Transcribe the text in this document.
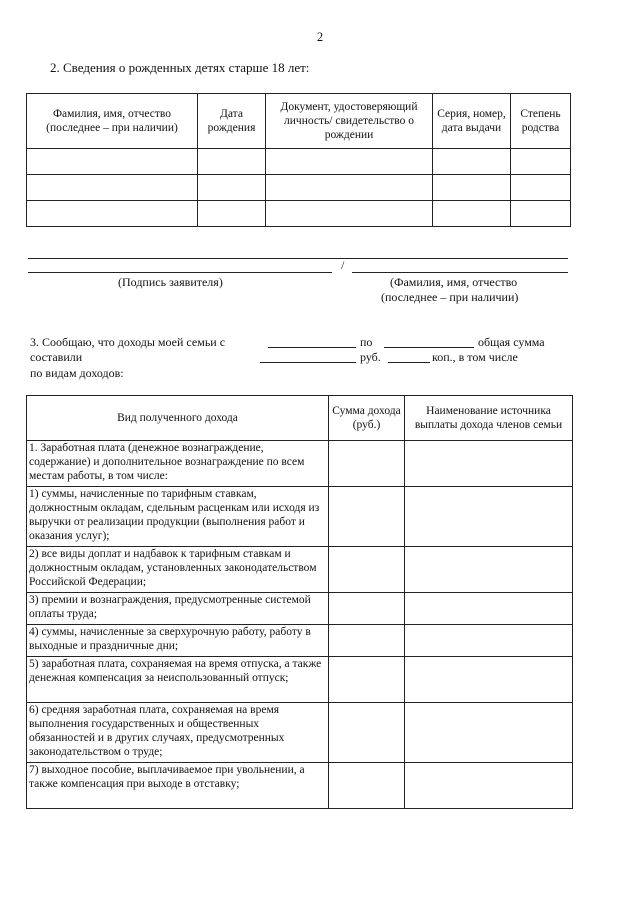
2
2. Сведения о рожденных детях старше 18 лет:
Фамилия, имя, отчество (последнее – при наличии)	Дата рождения	Документ, удостоверяющий личность/ свидетельство о рождении	Серия, номер, дата выдачи	Степень родства

/
(Подпись заявителя)	(Фамилия, имя, отчество
(последнее – при наличии)
3. Сообщаю, что доходы моей семьи с	по	общая сумма
составили	руб.	коп., в том числе
по видам доходов:
Вид полученного дохода	Сумма дохода (руб.)	Наименование источника выплаты дохода членов семьи
1. Заработная плата (денежное вознаграждение, содержание) и дополнительное вознаграждение по всем местам работы, в том числе:		
1) суммы, начисленные по тарифным ставкам, должностным окладам, сдельным расценкам или исходя из выручки от реализации продукции (выполнения работ и оказания услуг);		
2) все виды доплат и надбавок к тарифным ставкам и должностным окладам, установленных законодательством Российской Федерации;		
3) премии и вознаграждения, предусмотренные системой оплаты труда;		
4) суммы, начисленные за сверхурочную работу, работу в выходные и праздничные дни;		
5) заработная плата, сохраняемая на время отпуска, а также денежная компенсация за неиспользованный отпуск;		
6) средняя заработная плата, сохраняемая на время выполнения государственных и общественных обязанностей и в других случаях, предусмотренных законодательством о труде;		
7) выходное пособие, выплачиваемое при увольнении, а также компенсация при выходе в отставку;		
